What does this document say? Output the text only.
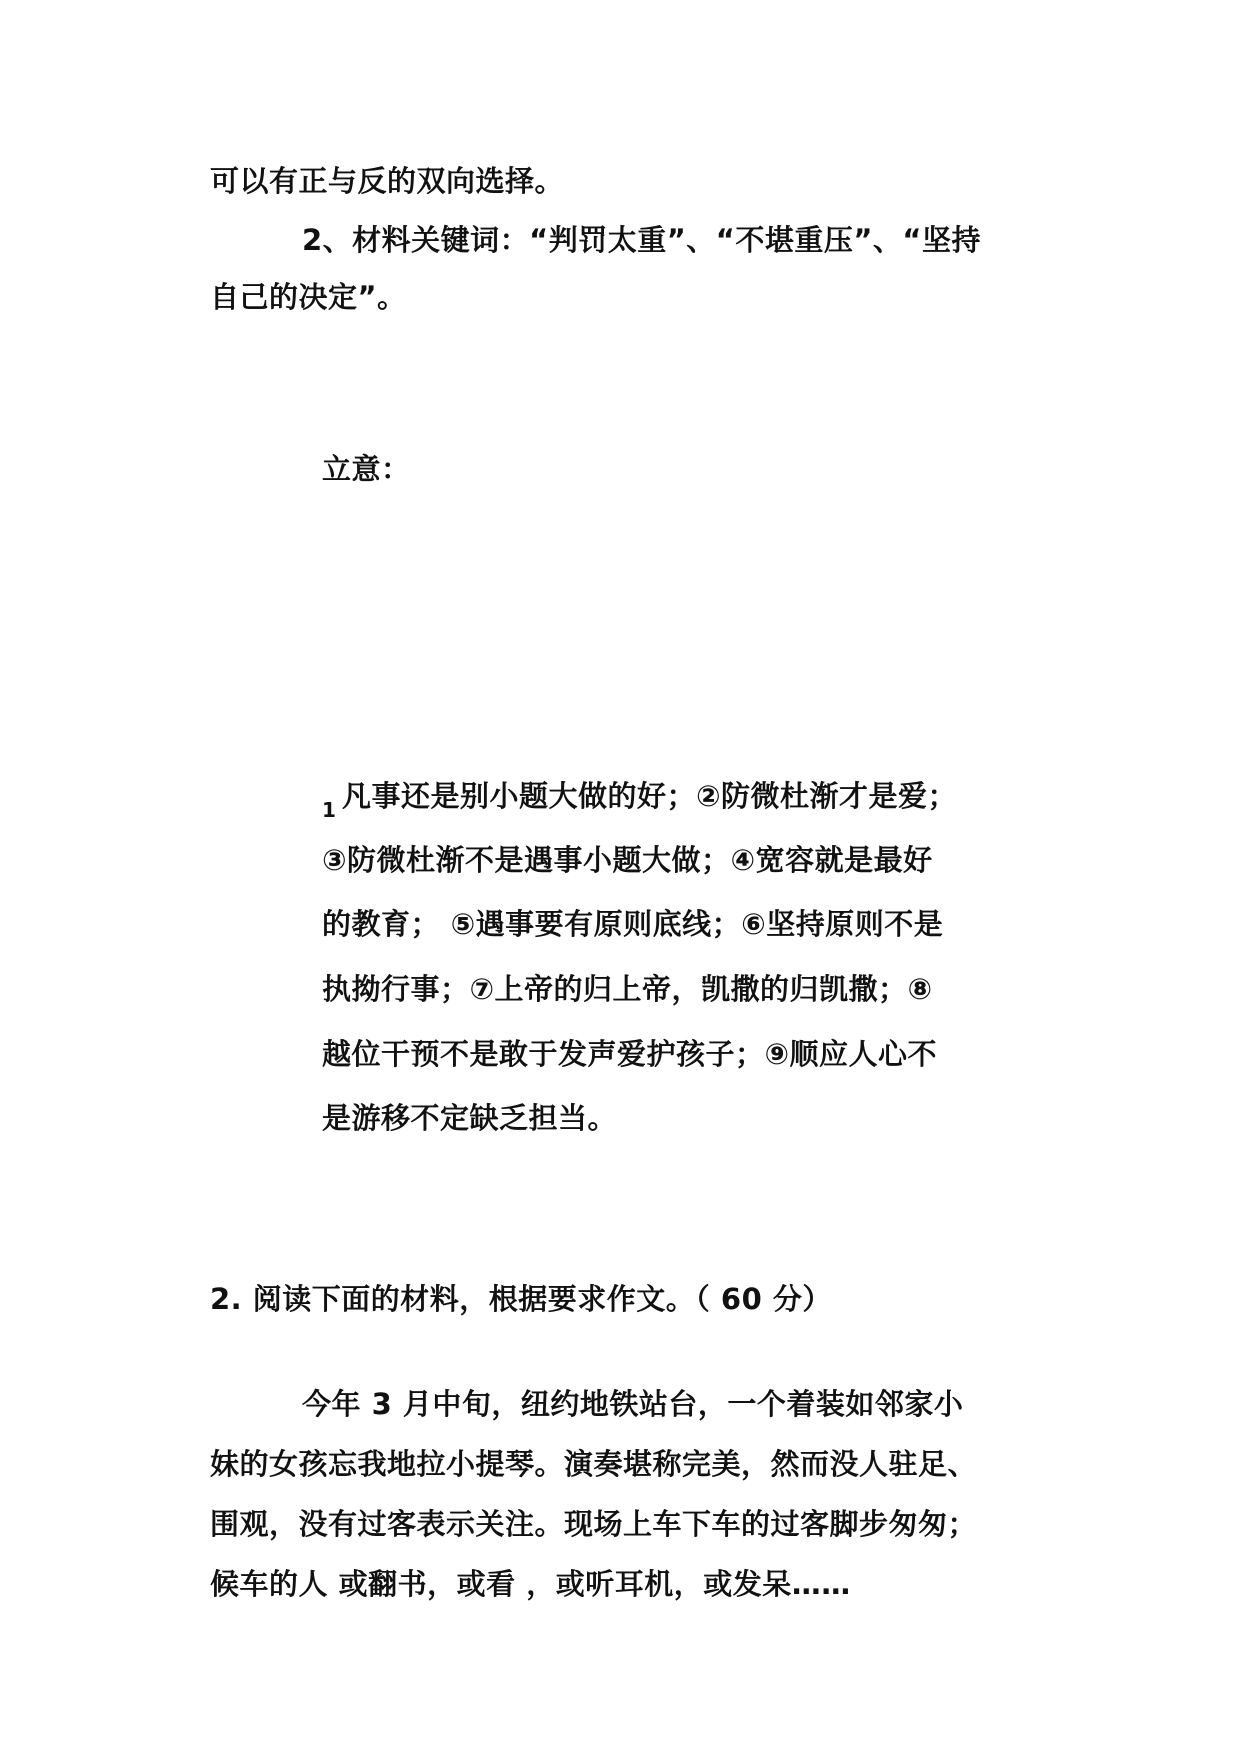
可以有正与反的双向选择。
2、材料关键词：“判罚太重”、“不堪重压”、“坚持
自己的决定”。
立意：
1 凡事还是别小题大做的好；②防微杜渐才是爱；
③防微杜渐不是遇事小题大做；④宽容就是最好
的教育； ⑤遇事要有原则底线；⑥坚持原则不是
执拗行事；⑦上帝的归上帝，凯撒的归凯撒；⑧
越位干预不是敢于发声爱护孩子；⑨顺应人心不
是游移不定缺乏担当。
2. 阅读下面的材料，根据要求作文。（ 60 分）
今年 3 月中旬，纽约地铁站台，一个着装如邻家小
妹的女孩忘我地拉小提琴。演奏堪称完美，然而没人驻足、
围观，没有过客表示关注。现场上车下车的过客脚步匆匆；
候车的人 或翻书，或看 ，或听耳机，或发呆……
